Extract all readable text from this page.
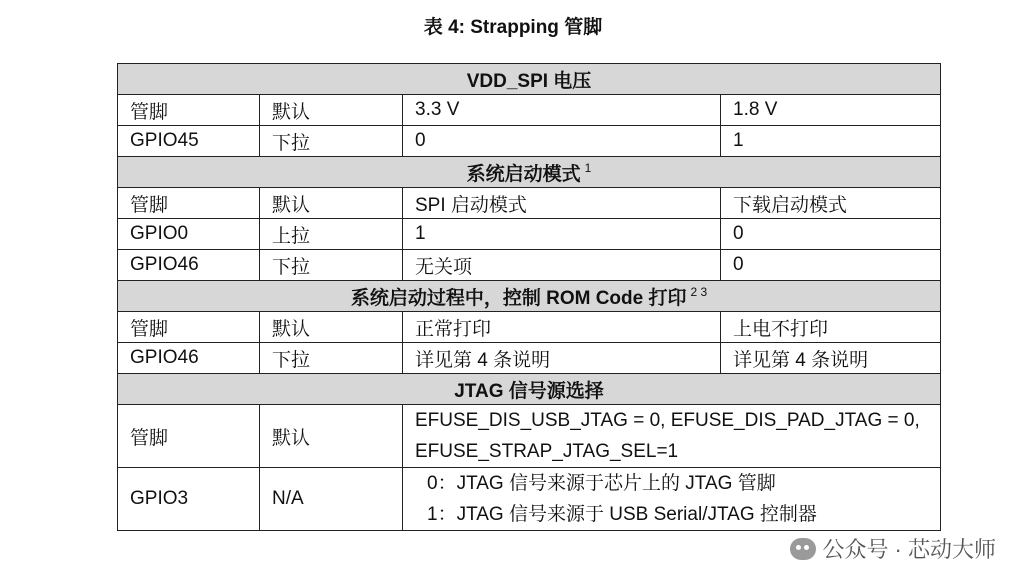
表 4: Strapping 管脚
VDD_SPI 电压			
管脚	默认	3.3 V	1.8 V
GPIO45	下拉	0	1
系统启动模式 $^1$
管脚	默认	SPI 启动模式	下载启动模式
GPIO0	上拉	1	0
GPIO46	下拉	无关项	0
系统启动过程中，控制 ROM Code 打印 $^{2 3}$
管脚	默认	正常打印	上电不打印
GPIO46	下拉	详见第 4 条说明	详见第 4 条说明
JTAG 信号源选择			
管脚	默认	EFUSE_DIS_USB_JTAG = 0, EFUSE_DIS_PAD_JTAG = 0,
EFUSE_STRAP_JTAG_SEL=1	

GPIO3	N/A	0：JTAG 信号来源于芯片上的 JTAG 管脚
1：JTAG 信号来源于 USB Serial/JTAG 控制器	
公众号 · 芯动大师
